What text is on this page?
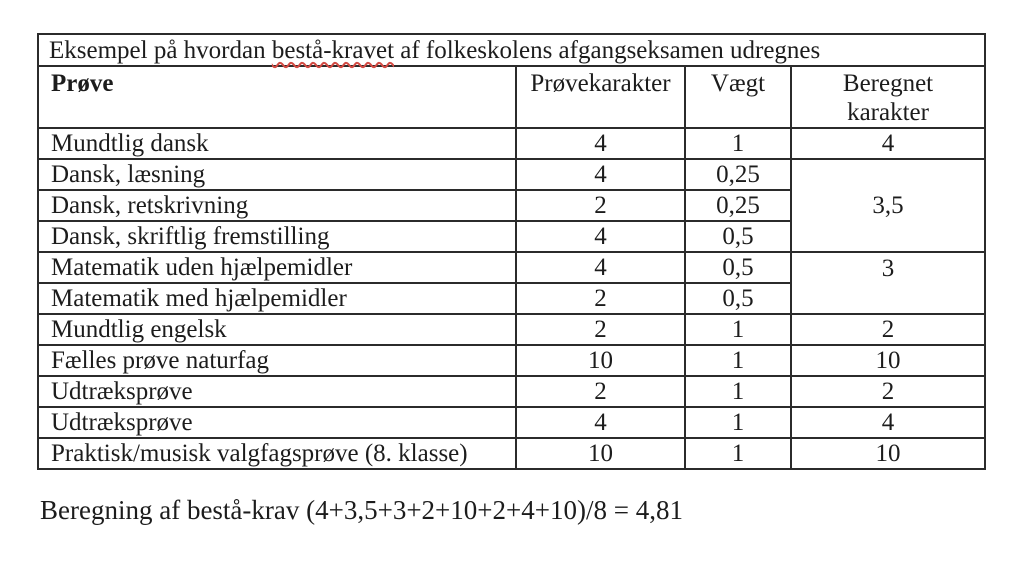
Eksempel på hvordan bestå-kravet af folkeskolens afgangseksamen udregnes			
Prøve	Prøvekarakter	Vægt	Beregnet karakter
Mundtlig dansk	4	1	4
Dansk, læsning	4	0,25	3,5
Dansk, retskrivning	2	0,25	
Dansk, skriftlig fremstilling	4	0,5	
Matematik uden hjælpemidler	4	0,5	3
Matematik med hjælpemidler	2	0,5	
Mundtlig engelsk	2	1	2
Fælles prøve naturfag	10	1	10
Udtræksprøve	2	1	2
Udtræksprøve	4	1	4
Praktisk/musisk valgfagsprøve (8. klasse)	10	1	10
Beregning af bestå-krav (4+3,5+3+2+10+2+4+10)/8 = 4,81
